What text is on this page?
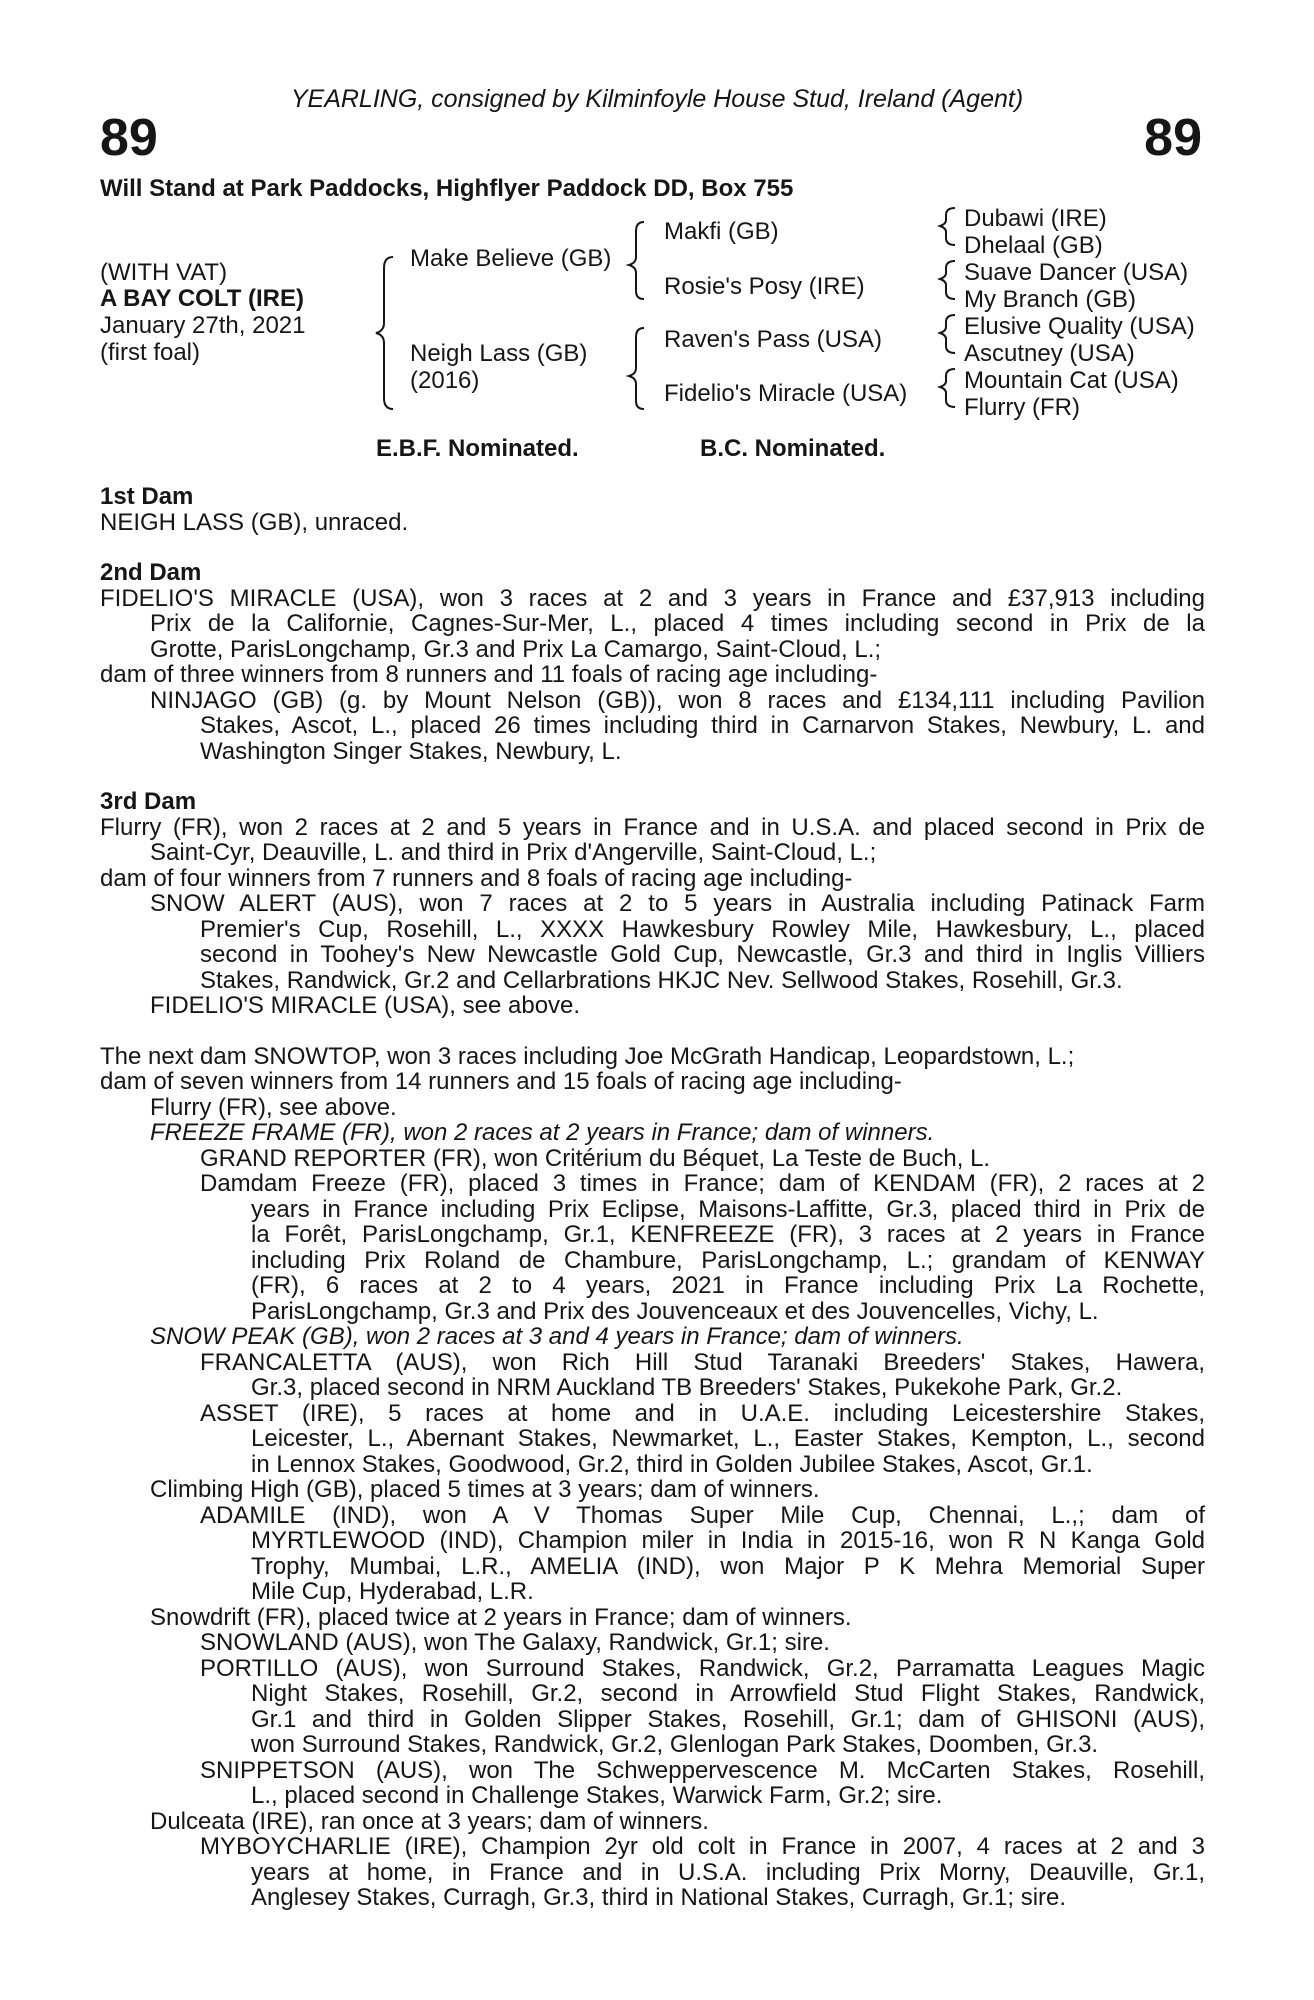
YEARLING, consigned by Kilminfoyle House Stud, Ireland (Agent)
89	89
Will Stand at Park Paddocks, Highflyer Paddock DD, Box 755
(WITH VAT)
A BAY COLT (IRE)
January 27th, 2021
(first foal)
Make Believe (GB)
Neigh Lass (GB)
(2016)
Makfi (GB)
Rosie's Posy (IRE)
Raven's Pass (USA)
Fidelio's Miracle (USA)
Dubawi (IRE)
Dhelaal (GB)
Suave Dancer (USA)
My Branch (GB)
Elusive Quality (USA)
Ascutney (USA)
Mountain Cat (USA)
Flurry (FR)
E.B.F. Nominated.	B.C. Nominated.
1st Dam
NEIGH LASS (GB), unraced.
2nd Dam
FIDELIO'S MIRACLE (USA), won 3 races at 2 and 3 years in France and £37,913 including
Prix de la Californie, Cagnes-Sur-Mer, L., placed 4 times including second in Prix de la
Grotte, ParisLongchamp, Gr.3 and Prix La Camargo, Saint-Cloud, L.;
dam of three winners from 8 runners and 11 foals of racing age including-
NINJAGO (GB) (g. by Mount Nelson (GB)), won 8 races and £134,111 including Pavilion
Stakes, Ascot, L., placed 26 times including third in Carnarvon Stakes, Newbury, L. and
Washington Singer Stakes, Newbury, L.
3rd Dam
Flurry (FR), won 2 races at 2 and 5 years in France and in U.S.A. and placed second in Prix de
Saint-Cyr, Deauville, L. and third in Prix d'Angerville, Saint-Cloud, L.;
dam of four winners from 7 runners and 8 foals of racing age including-
SNOW ALERT (AUS), won 7 races at 2 to 5 years in Australia including Patinack Farm
Premier's Cup, Rosehill, L., XXXX Hawkesbury Rowley Mile, Hawkesbury, L., placed
second in Toohey's New Newcastle Gold Cup, Newcastle, Gr.3 and third in Inglis Villiers
Stakes, Randwick, Gr.2 and Cellarbrations HKJC Nev. Sellwood Stakes, Rosehill, Gr.3.
FIDELIO'S MIRACLE (USA), see above.
The next dam SNOWTOP, won 3 races including Joe McGrath Handicap, Leopardstown, L.;
dam of seven winners from 14 runners and 15 foals of racing age including-
Flurry (FR), see above.
FREEZE FRAME (FR), won 2 races at 2 years in France; dam of winners.
GRAND REPORTER (FR), won Critérium du Béquet, La Teste de Buch, L.
Damdam Freeze (FR), placed 3 times in France; dam of KENDAM (FR), 2 races at 2
years in France including Prix Eclipse, Maisons-Laffitte, Gr.3, placed third in Prix de
la Forêt, ParisLongchamp, Gr.1, KENFREEZE (FR), 3 races at 2 years in France
including Prix Roland de Chambure, ParisLongchamp, L.; grandam of KENWAY
(FR), 6 races at 2 to 4 years, 2021 in France including Prix La Rochette,
ParisLongchamp, Gr.3 and Prix des Jouvenceaux et des Jouvencelles, Vichy, L.
SNOW PEAK (GB), won 2 races at 3 and 4 years in France; dam of winners.
FRANCALETTA (AUS), won Rich Hill Stud Taranaki Breeders' Stakes, Hawera,
Gr.3, placed second in NRM Auckland TB Breeders' Stakes, Pukekohe Park, Gr.2.
ASSET (IRE), 5 races at home and in U.A.E. including Leicestershire Stakes,
Leicester, L., Abernant Stakes, Newmarket, L., Easter Stakes, Kempton, L., second
in Lennox Stakes, Goodwood, Gr.2, third in Golden Jubilee Stakes, Ascot, Gr.1.
Climbing High (GB), placed 5 times at 3 years; dam of winners.
ADAMILE (IND), won A V Thomas Super Mile Cup, Chennai, L.,; dam of
MYRTLEWOOD (IND), Champion miler in India in 2015-16, won R N Kanga Gold
Trophy, Mumbai, L.R., AMELIA (IND), won Major P K Mehra Memorial Super
Mile Cup, Hyderabad, L.R.
Snowdrift (FR), placed twice at 2 years in France; dam of winners.
SNOWLAND (AUS), won The Galaxy, Randwick, Gr.1; sire.
PORTILLO (AUS), won Surround Stakes, Randwick, Gr.2, Parramatta Leagues Magic
Night Stakes, Rosehill, Gr.2, second in Arrowfield Stud Flight Stakes, Randwick,
Gr.1 and third in Golden Slipper Stakes, Rosehill, Gr.1; dam of GHISONI (AUS),
won Surround Stakes, Randwick, Gr.2, Glenlogan Park Stakes, Doomben, Gr.3.
SNIPPETSON (AUS), won The Schweppervescence M. McCarten Stakes, Rosehill,
L., placed second in Challenge Stakes, Warwick Farm, Gr.2; sire.
Dulceata (IRE), ran once at 3 years; dam of winners.
MYBOYCHARLIE (IRE), Champion 2yr old colt in France in 2007, 4 races at 2 and 3
years at home, in France and in U.S.A. including Prix Morny, Deauville, Gr.1,
Anglesey Stakes, Curragh, Gr.3, third in National Stakes, Curragh, Gr.1; sire.
